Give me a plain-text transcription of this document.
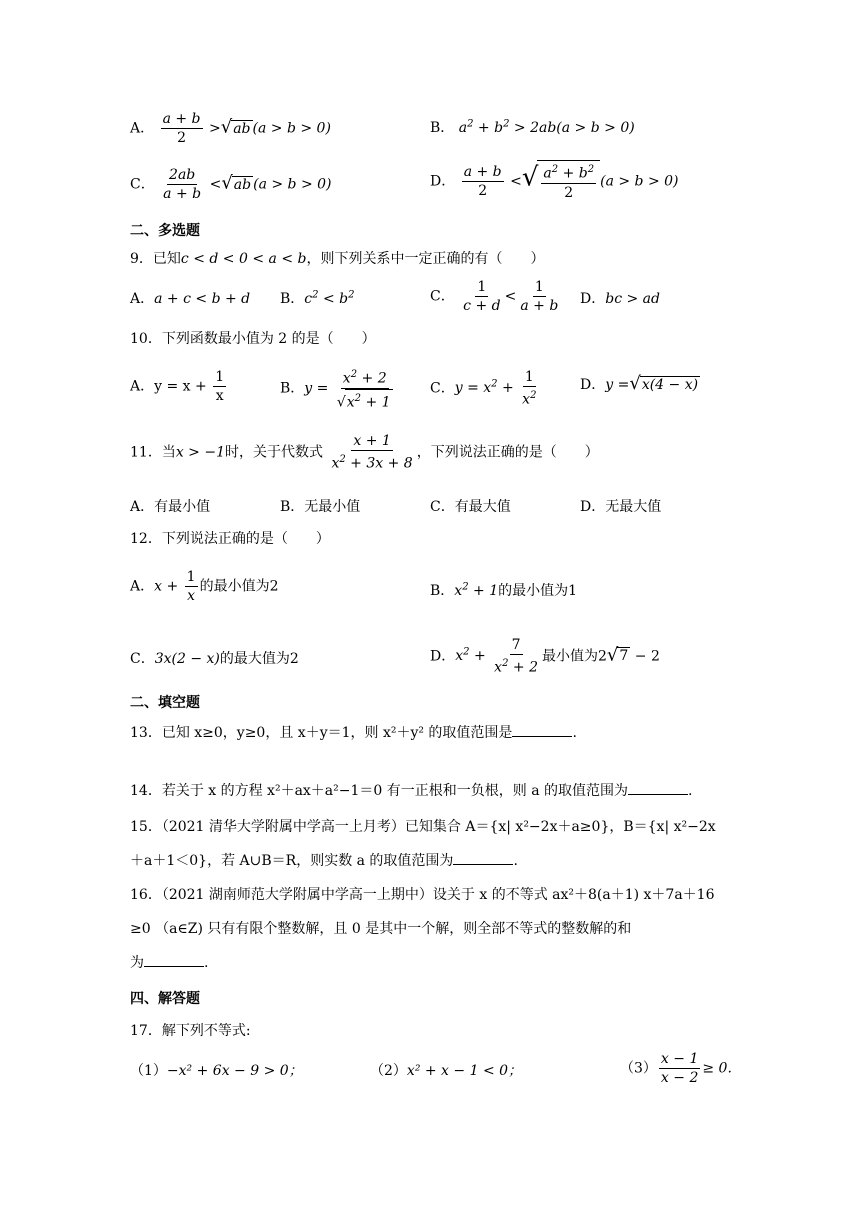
A． $\frac{a + b}{2} >√ab$ (a > b > 0)	B． $a^2 + b^2 > 2ab(a > b > 0)$
C． $\frac{2ab}{a + b} <√ab$ (a > b > 0)	D． $\frac{a + b}{2}$ <√ $\frac{a^2 + b^2}{2} (a > b > 0)$
二、多选题
9．已知c < d < 0 < a < b，则下列关系中一定正确的有（　　）
A．a + c < b + d B．$c^2 < b^2$	C． $\frac{1}{c + d} < \frac{1}{a + b}$ D．bc > ad
10．下列函数最小值为 2 的是（　　）
A．$y = x + \frac{1}{x}$	B．$y = \frac{x^2 + 2}{√x^2 + 1}$	C．$y = x^2 + \frac{1}{x^2}$	D．y =√x(4 − x)
11．当x > −1时，关于代数式 $\frac{x + 1}{x^2 + 3x + 8}$ ，下列说法正确的是（　　）
A．有最小值	B．无最小值	C．有最大值	D．无最大值
12．下列说法正确的是（　　）
A．$x + \frac{1}{x}$ 的最小值为2	B．$x^2 + 1$的最小值为1
C．3x(2 − x)的最大值为2	D．$x^2 + \frac{7}{x^2 + 2}$ 最小值为2√7 − 2
二、填空题
13．已知 x≥0，y≥0，且 x＋y＝1，则 x²＋y² 的取值范围是	.
14．若关于 x 的方程 x²＋ax＋a²−1＝0 有一正根和一负根，则 a 的取值范围为	.
15．（2021 清华大学附属中学高一上月考）已知集合 A＝{x| x²−2x＋a≥0}，B＝{x| x²−2x
＋a＋1＜0}，若 A∪B＝R，则实数 a 的取值范围为	.
16．（2021 湖南师范大学附属中学高一上期中）设关于 x 的不等式 ax²＋8(a＋1) x＋7a＋16
≥0 （a∈Z) 只有有限个整数解，且 0 是其中一个解，则全部不等式的整数解的和
为	.
四、解答题
17．解下列不等式:
（1）−x² + 6x − 9 > 0；	（2）x² + x − 1 < 0；	$(3) \frac{x - 1}{x - 2} \ge 0$.
